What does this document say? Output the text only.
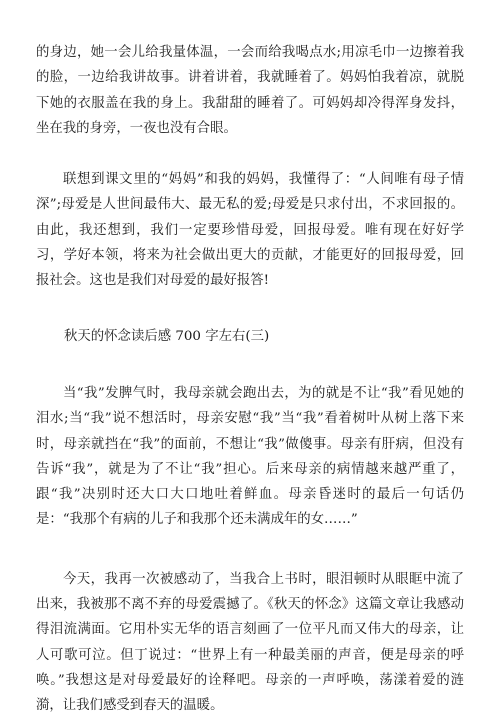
的身边，她一会儿给我量体温，一会而给我喝点水;用凉毛巾一边擦着我的脸，一边给我讲故事。讲着讲着，我就睡着了。妈妈怕我着凉，就脱下她的衣服盖在我的身上。我甜甜的睡着了。可妈妈却冷得浑身发抖，坐在我的身旁，一夜也没有合眼。

联想到课文里的“妈妈”和我的妈妈，我懂得了：“人间唯有母子情深”;母爱是人世间最伟大、最无私的爱;母爱是只求付出，不求回报的。由此，我还想到，我们一定要珍惜母爱，回报母爱。唯有现在好好学习，学好本领，将来为社会做出更大的贡献，才能更好的回报母爱，回报社会。这也是我们对母爱的最好报答!

秋天的怀念读后感 700 字左右(三)

当“我”发脾气时，我母亲就会跑出去，为的就是不让“我”看见她的泪水;当“我”说不想活时，母亲安慰“我”当“我”看着树叶从树上落下来时，母亲就挡在“我”的面前，不想让“我”做傻事。母亲有肝病，但没有告诉“我”，就是为了不让“我”担心。后来母亲的病情越来越严重了，跟“我”决别时还大口大口地吐着鲜血。母亲昏迷时的最后一句话仍是：“我那个有病的儿子和我那个还未满成年的女……”

今天，我再一次被感动了，当我合上书时，眼泪顿时从眼眶中流了出来，我被那不离不弃的母爱震撼了。《秋天的怀念》这篇文章让我感动得泪流满面。它用朴实无华的语言刻画了一位平凡而又伟大的母亲，让人可歌可泣。但丁说过：“世界上有一种最美丽的声音，便是母亲的呼唤。”我想这是对母爱最好的诠释吧。母亲的一声呼唤，荡漾着爱的涟漪，让我们感受到春天的温暖。
